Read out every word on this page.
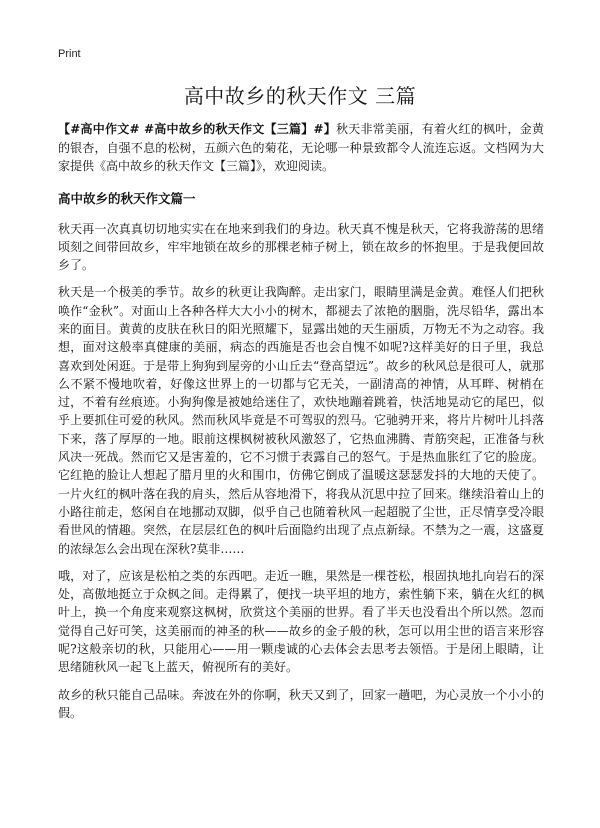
Print
高中故乡的秋天作文 三篇

【#高中作文# #高中故乡的秋天作文【三篇】#】秋天非常美丽，有着火红的枫叶，金黄的银杏，自强不息的松树，五颜六色的菊花，无论哪一种景致都令人流连忘返。文档网为大家提供《高中故乡的秋天作文【三篇】》，欢迎阅读。

高中故乡的秋天作文篇一

秋天再一次真真切切地实实在在地来到我们的身边。秋天真不愧是秋天，它将我游荡的思绪顷刻之间带回故乡，牢牢地锁在故乡的那棵老柿子树上，锁在故乡的怀抱里。于是我便回故乡了。

秋天是一个极美的季节。故乡的秋更让我陶醉。走出家门，眼睛里满是金黄。难怪人们把秋唤作“金秋”。对面山上各种各样大大小小的树木，都褪去了浓艳的胭脂，洗尽铅华，露出本来的面目。黄黄的皮肤在秋日的阳光照耀下，显露出她的天生丽质，万物无不为之动容。我想，面对这般率真健康的美丽，病态的西施是否也会自愧不如呢?这样美好的日子里，我总喜欢到处闲逛。于是带上狗狗到屋旁的小山丘去“登高望远”。故乡的秋风总是很可人，就那么不紧不慢地吹着，好像这世界上的一切都与它无关，一副清高的神情，从耳畔、树梢在过，不着有丝痕迹。小狗狗像是被她给迷住了，欢快地蹦着跳着，快活地晃动它的尾巴，似乎上要抓住可爱的秋风。然而秋风毕竟是不可驾驭的烈马。它驰骋开来，将片片树叶儿抖落下来，落了厚厚的一地。眼前这棵枫树被秋风激怒了，它热血沸腾、青筋突起，正准备与秋风决一死战。然而它又是害羞的，它不习惯于表露自己的怒气。于是热血胀红了它的脸庞。它红艳的脸让人想起了腊月里的火和围巾，仿佛它倒成了温暖这瑟瑟发抖的大地的天使了。一片火红的枫叶落在我的肩头，然后从容地滑下，将我从沉思中拉了回来。继续沿着山上的小路往前走，悠闲自在地挪动双脚，似乎自己也随着秋风一起超脱了尘世，正尽情享受冷眼看世风的情趣。突然，在层层红色的枫叶后面隐约出现了点点新绿。不禁为之一震，这盛夏的浓绿怎么会出现在深秋?莫非……

哦，对了，应该是松柏之类的东西吧。走近一瞧，果然是一棵苍松，根固执地扎向岩石的深处，高傲地挺立于众枫之间。走得累了，便找一块平坦的地方，索性躺下来，躺在火红的枫叶上，换一个角度来观察这枫树，欣赏这个美丽的世界。看了半天也没看出个所以然。忽而觉得自己好可笑，这美丽而的神圣的秋——故乡的金子般的秋，怎可以用尘世的语言来形容呢?这般亲切的秋，只能用心——用一颗虔诚的心去体会去思考去领悟。于是闭上眼睛，让思绪随秋风一起飞上蓝天，俯视所有的美好。

故乡的秋只能自己品味。奔波在外的你啊，秋天又到了，回家一趟吧，为心灵放一个小小的假。
